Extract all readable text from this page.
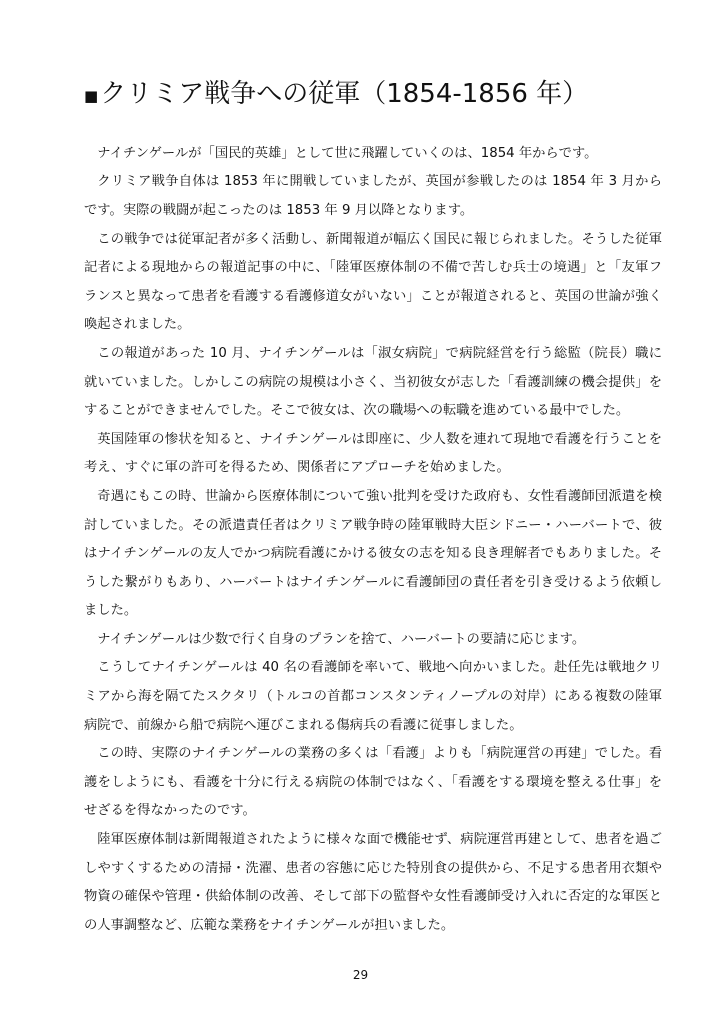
■ クリミア戦争への従軍（1854-1856 年）

ナイチンゲールが「国民的英雄」として世に飛躍していくのは、1854 年からです。

クリミア戦争自体は 1853 年に開戦していましたが、英国が参戦したのは 1854 年 3 月からです。実際の戦闘が起こったのは 1853 年 9 月以降となります。

この戦争では従軍記者が多く活動し、新聞報道が幅広く国民に報じられました。そうした従軍記者による現地からの報道記事の中に、「陸軍医療体制の不備で苦しむ兵士の境遇」と「友軍フランスと異なって患者を看護する看護修道女がいない」ことが報道されると、英国の世論が強く喚起されました。

この報道があった 10 月、ナイチンゲールは「淑女病院」で病院経営を行う総監（院長）職に就いていました。しかしこの病院の規模は小さく、当初彼女が志した「看護訓練の機会提供」をすることができませんでした。そこで彼女は、次の職場への転職を進めている最中でした。

英国陸軍の惨状を知ると、ナイチンゲールは即座に、少人数を連れて現地で看護を行うことを考え、すぐに軍の許可を得るため、関係者にアプローチを始めました。

奇遇にもこの時、世論から医療体制について強い批判を受けた政府も、女性看護師団派遣を検討していました。その派遣責任者はクリミア戦争時の陸軍戦時大臣シドニー・ハーバートで、彼はナイチンゲールの友人でかつ病院看護にかける彼女の志を知る良き理解者でもありました。そうした繋がりもあり、ハーバートはナイチンゲールに看護師団の責任者を引き受けるよう依頼しました。

ナイチンゲールは少数で行く自身のプランを捨て、ハーバートの要請に応じます。

こうしてナイチンゲールは 40 名の看護師を率いて、戦地へ向かいました。赴任先は戦地クリミアから海を隔てたスクタリ（トルコの首都コンスタンティノープルの対岸）にある複数の陸軍病院で、前線から船で病院へ運びこまれる傷病兵の看護に従事しました。

この時、実際のナイチンゲールの業務の多くは「看護」よりも「病院運営の再建」でした。看護をしようにも、看護を十分に行える病院の体制ではなく、「看護をする環境を整える仕事」をせざるを得なかったのです。

陸軍医療体制は新聞報道されたように様々な面で機能せず、病院運営再建として、患者を過ごしやすくするための清掃・洗濯、患者の容態に応じた特別食の提供から、不足する患者用衣類や物資の確保や管理・供給体制の改善、そして部下の監督や女性看護師受け入れに否定的な軍医との人事調整など、広範な業務をナイチンゲールが担いました。

29
